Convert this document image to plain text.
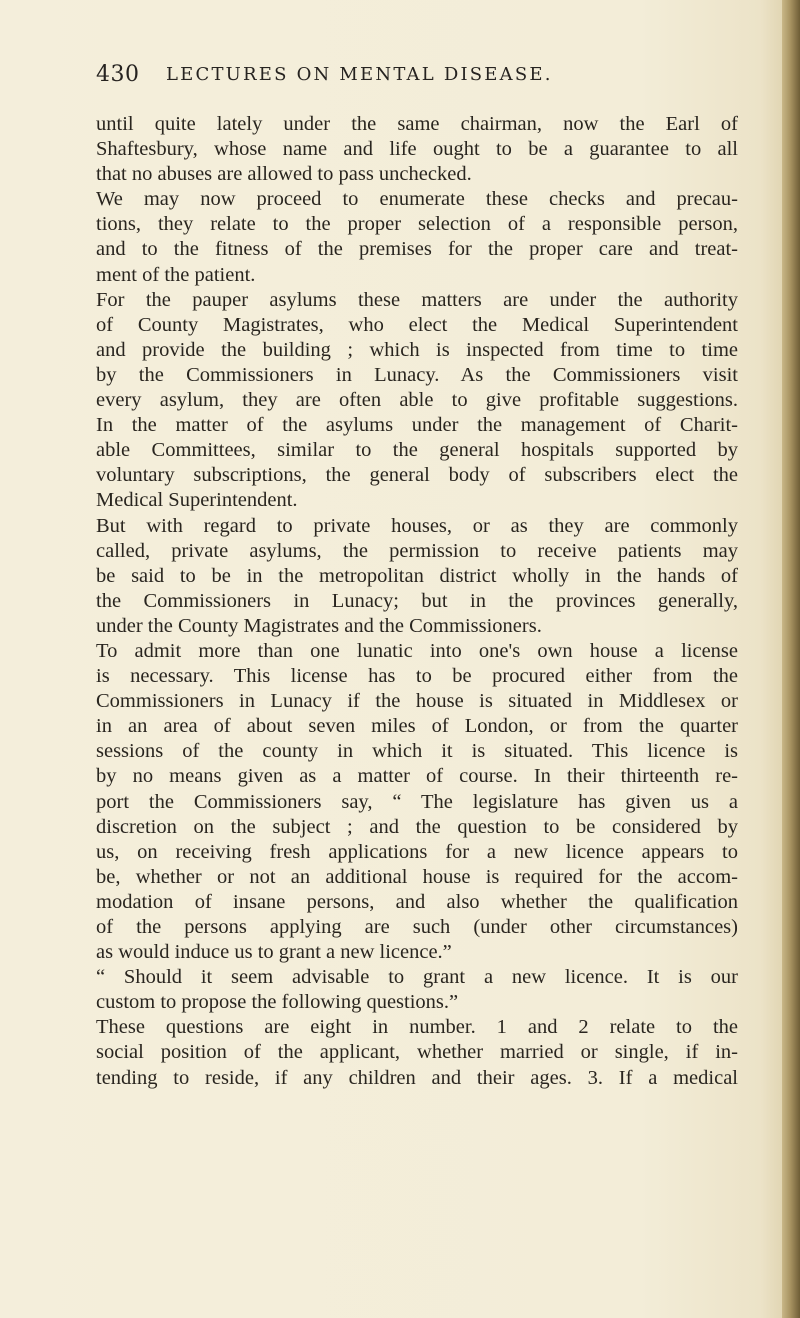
430 LECTURES ON MENTAL DISEASE.
until quite lately under the same chairman, now the Earl of
Shaftesbury, whose name and life ought to be a guarantee to all
that no abuses are allowed to pass unchecked.
We may now proceed to enumerate these checks and precau-
tions, they relate to the proper selection of a responsible person,
and to the fitness of the premises for the proper care and treat-
ment of the patient.
For the pauper asylums these matters are under the authority
of County Magistrates, who elect the Medical Superintendent
and provide the building ; which is inspected from time to time
by the Commissioners in Lunacy. As the Commissioners visit
every asylum, they are often able to give profitable suggestions.
In the matter of the asylums under the management of Charit-
able Committees, similar to the general hospitals supported by
voluntary subscriptions, the general body of subscribers elect the
Medical Superintendent.
But with regard to private houses, or as they are commonly
called, private asylums, the permission to receive patients may
be said to be in the metropolitan district wholly in the hands of
the Commissioners in Lunacy; but in the provinces generally,
under the County Magistrates and the Commissioners.
To admit more than one lunatic into one's own house a license
is necessary. This license has to be procured either from the
Commissioners in Lunacy if the house is situated in Middlesex or
in an area of about seven miles of London, or from the quarter
sessions of the county in which it is situated. This licence is
by no means given as a matter of course. In their thirteenth re-
port the Commissioners say, “ The legislature has given us a
discretion on the subject ; and the question to be considered by
us, on receiving fresh applications for a new licence appears to
be, whether or not an additional house is required for the accom-
modation of insane persons, and also whether the qualification
of the persons applying are such (under other circumstances)
as would induce us to grant a new licence.”
“ Should it seem advisable to grant a new licence. It is our
custom to propose the following questions.”
These questions are eight in number. 1 and 2 relate to the
social position of the applicant, whether married or single, if in-
tending to reside, if any children and their ages. 3. If a medical
